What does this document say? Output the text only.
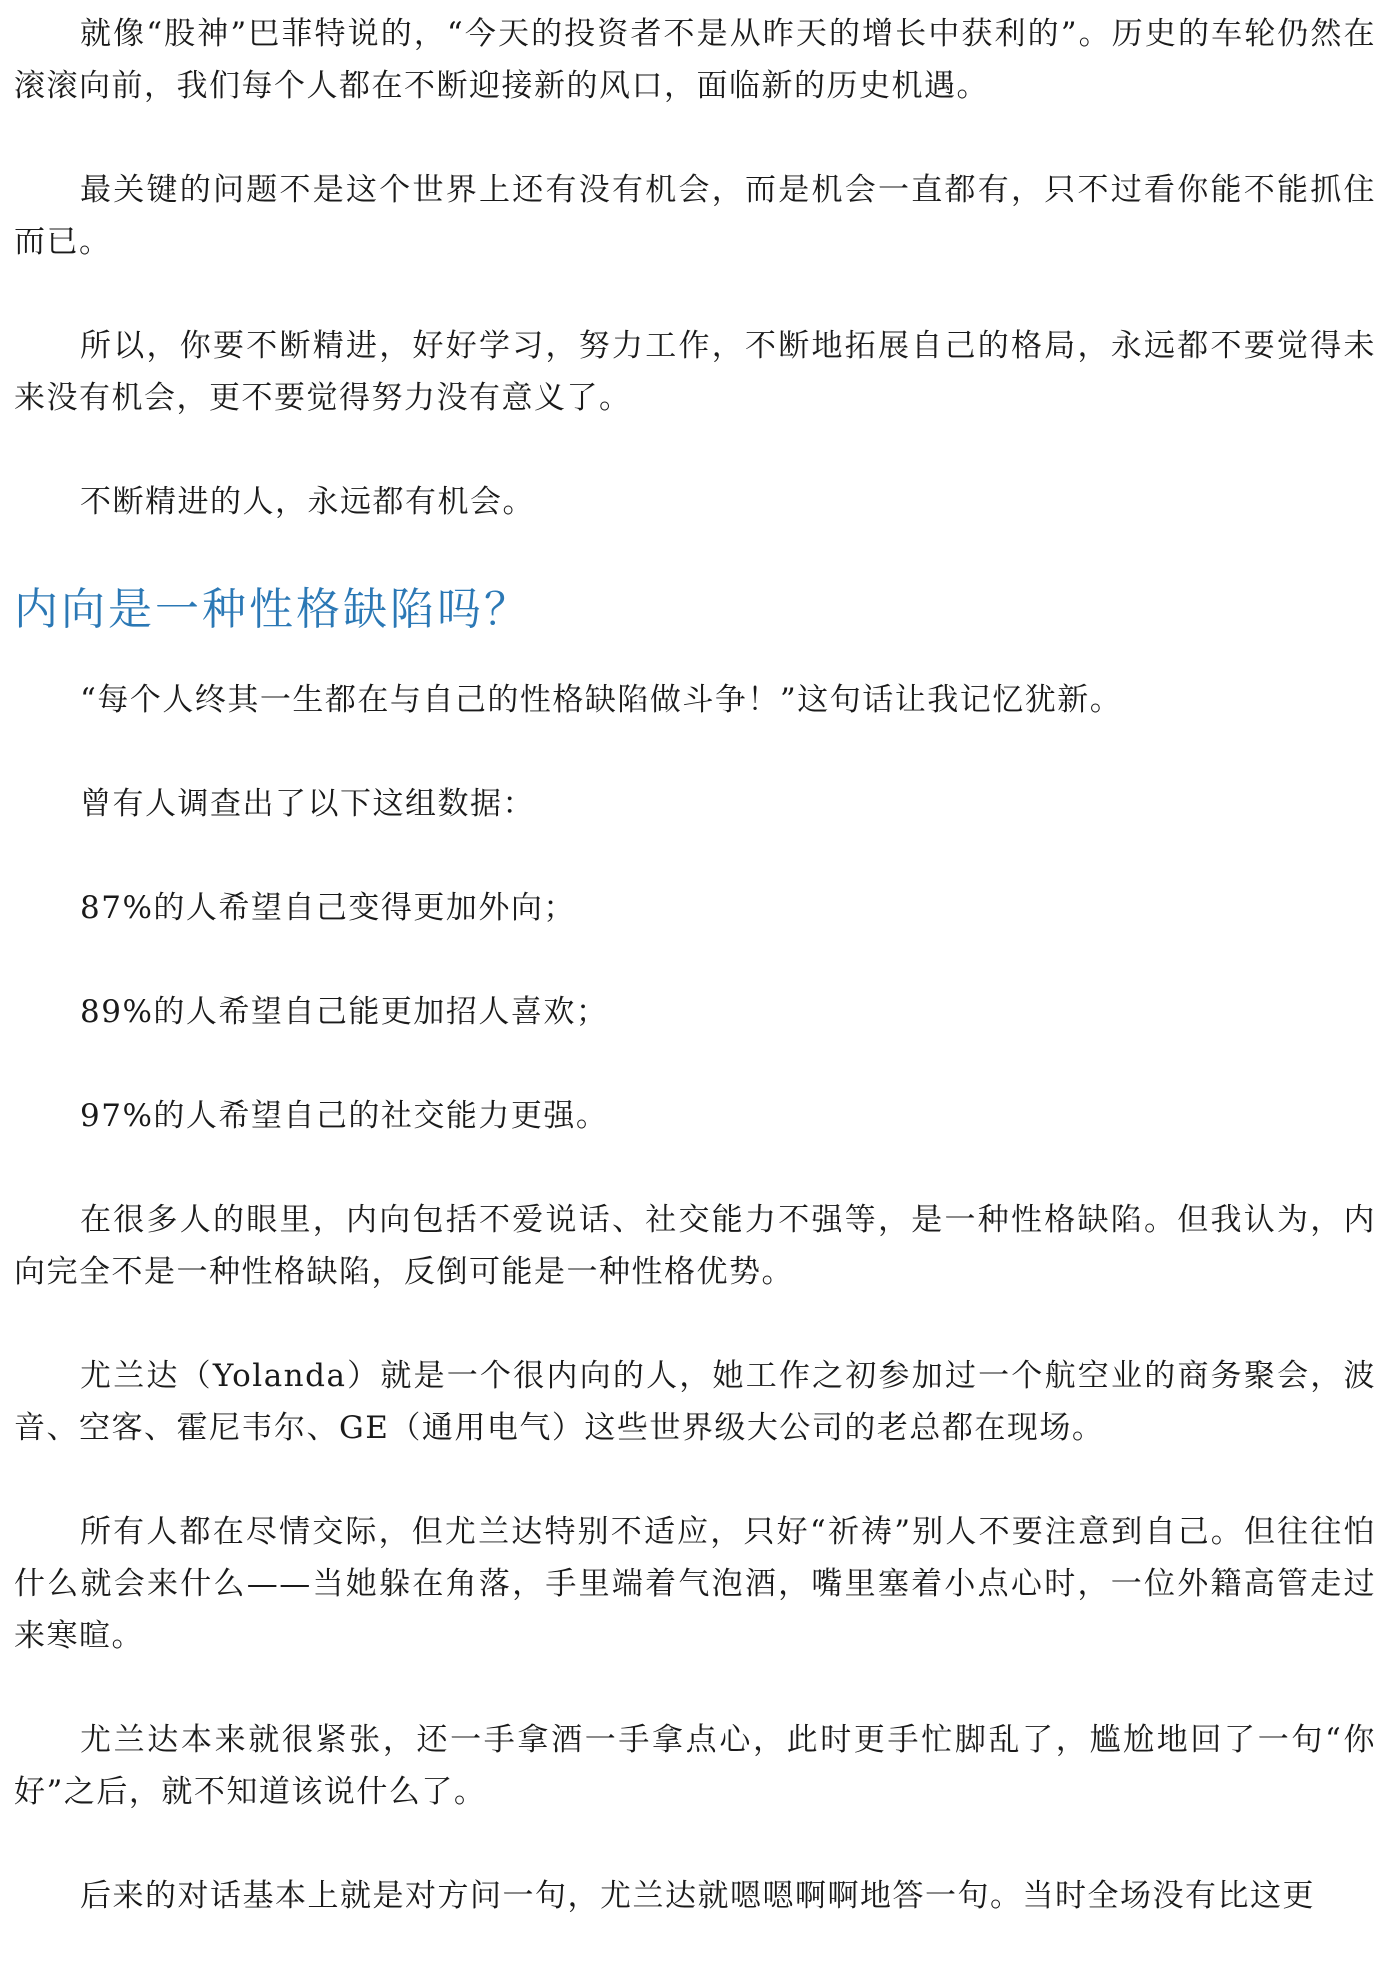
就像“股神”巴菲特说的，“今天的投资者不是从昨天的增长中获利的”。历史的车轮仍然在滚滚向前，我们每个人都在不断迎接新的风口，面临新的历史机遇。

最关键的问题不是这个世界上还有没有机会，而是机会一直都有，只不过看你能不能抓住而已。

所以，你要不断精进，好好学习，努力工作，不断地拓展自己的格局，永远都不要觉得未来没有机会，更不要觉得努力没有意义了。

不断精进的人，永远都有机会。

内向是一种性格缺陷吗？

“每个人终其一生都在与自己的性格缺陷做斗争！”这句话让我记忆犹新。

曾有人调查出了以下这组数据：

87%的人希望自己变得更加外向；

89%的人希望自己能更加招人喜欢；

97%的人希望自己的社交能力更强。

在很多人的眼里，内向包括不爱说话、社交能力不强等，是一种性格缺陷。但我认为，内向完全不是一种性格缺陷，反倒可能是一种性格优势。

尤兰达（Yolanda）就是一个很内向的人，她工作之初参加过一个航空业的商务聚会，波音、空客、霍尼韦尔、GE（通用电气）这些世界级大公司的老总都在现场。

所有人都在尽情交际，但尤兰达特别不适应，只好“祈祷”别人不要注意到自己。但往往怕什么就会来什么——当她躲在角落，手里端着气泡酒，嘴里塞着小点心时，一位外籍高管走过来寒暄。

尤兰达本来就很紧张，还一手拿酒一手拿点心，此时更手忙脚乱了，尴尬地回了一句“你好”之后，就不知道该说什么了。

后来的对话基本上就是对方问一句，尤兰达就嗯嗯啊啊地答一句。当时全场没有比这更
